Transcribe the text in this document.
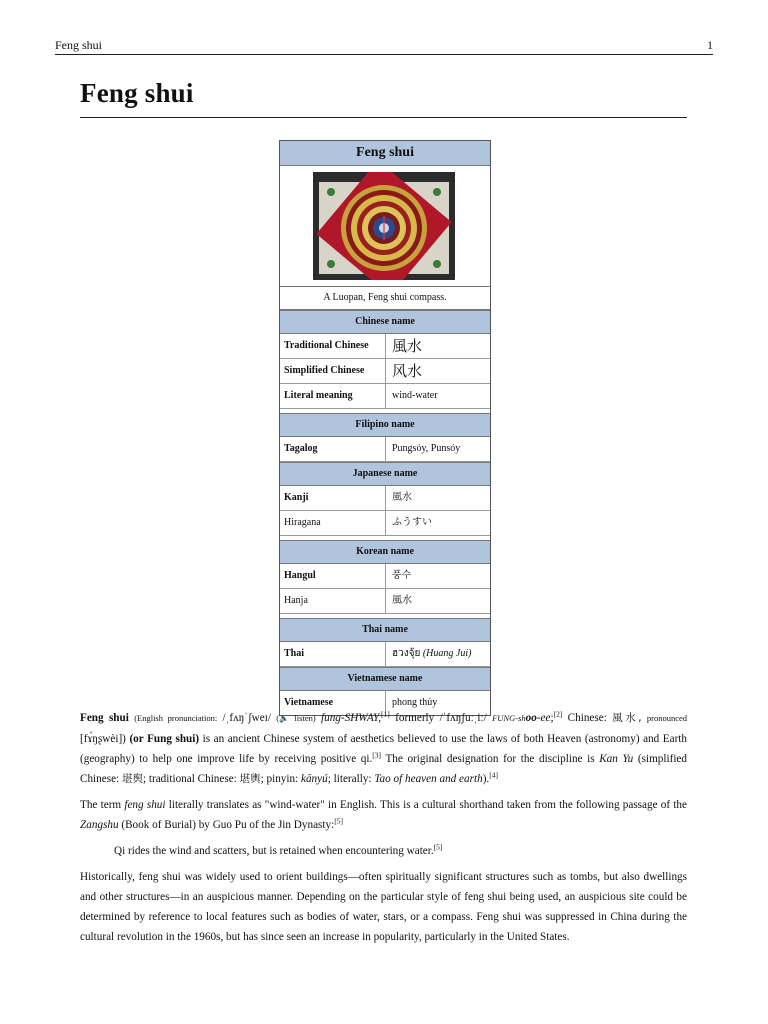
Feng shui	1
Feng shui
Feng shui
A Luopan, Feng shui compass.
Chinese name
Traditional Chinese	風水
Simplified Chinese	风水
Literal meaning	wind-water
Filipino name
Tagalog	Pungsóy, Punsóy
Japanese name
Kanji	風水
Hiragana	ふうすい
Korean name
Hangul	풍수
Hanja	風水
Thai name
Thai	ฮวงจุ้ย (Huang Jui)
Vietnamese name
Vietnamese	phong thủy

Feng shui (English pronunciation: /ˌfʌŋˈʃweɪ/ (🔈 listen) fung-SHWAY,[1] formerly /ˈfʌŋʃuːˌiː/ FUNG-shoo-ee;[2] Chinese: 風水, pronounced [fɤ́ŋʂwèi]) (or Fung shui) is an ancient Chinese system of aesthetics believed to use the laws of both Heaven (astronomy) and Earth (geography) to help one improve life by receiving positive qi.[3] The original designation for the discipline is Kan Yu (simplified Chinese: 堪舆; traditional Chinese: 堪輿; pinyin: kānyú; literally: Tao of heaven and earth).[4]

The term feng shui literally translates as "wind-water" in English. This is a cultural shorthand taken from the following passage of the Zangshu (Book of Burial) by Guo Pu of the Jin Dynasty:[5]

Qi rides the wind and scatters, but is retained when encountering water.[5]

Historically, feng shui was widely used to orient buildings—often spiritually significant structures such as tombs, but also dwellings and other structures—in an auspicious manner. Depending on the particular style of feng shui being used, an auspicious site could be determined by reference to local features such as bodies of water, stars, or a compass. Feng shui was suppressed in China during the cultural revolution in the 1960s, but has since seen an increase in popularity, particularly in the United States.
